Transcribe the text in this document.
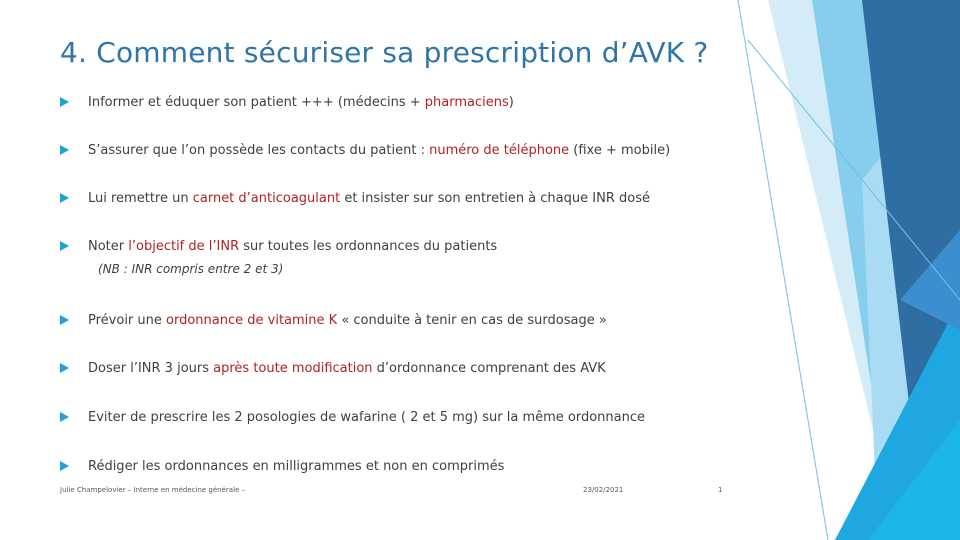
4. Comment sécuriser sa prescription d’AVK ?
Informer et éduquer son patient +++ (médecins + pharmaciens)
S’assurer que l’on possède les contacts du patient : numéro de téléphone (fixe + mobile)
Lui remettre un carnet d’anticoagulant et insister sur son entretien à chaque INR dosé
Noter l’objectif de l’INR sur toutes les ordonnances du patients
(NB : INR compris entre 2 et 3)
Prévoir une ordonnance de vitamine K « conduite à tenir en cas de surdosage »
Doser l’INR 3 jours après toute modification d’ordonnance comprenant des AVK
Eviter de prescrire les 2 posologies de wafarine ( 2 et 5 mg) sur la même ordonnance
Rédiger les ordonnances en milligrammes et non en comprimés
Julie Champelovier – Interne en médecine générale –	23/02/2021	1
